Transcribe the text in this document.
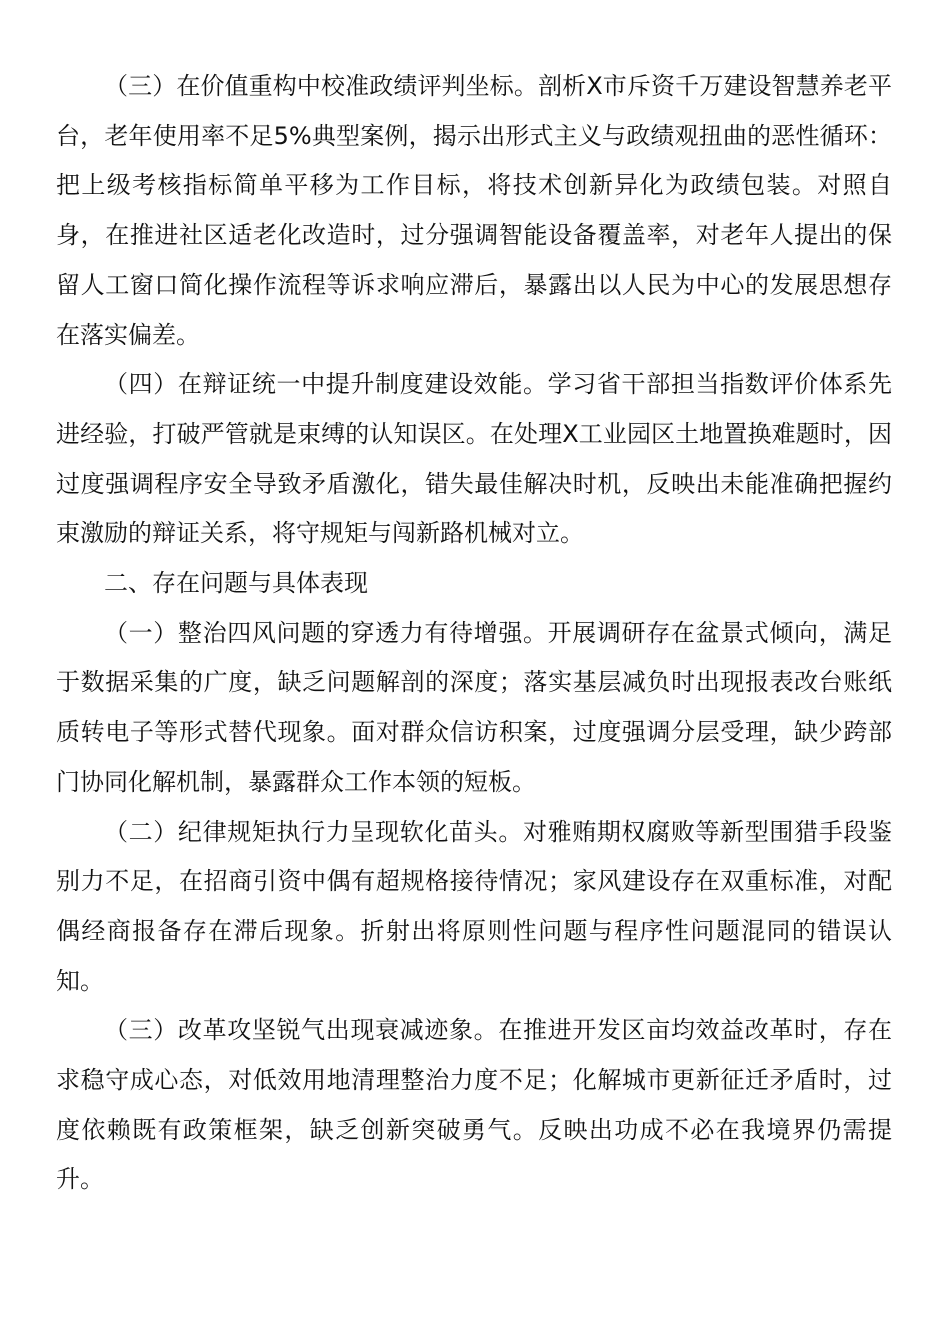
（三）在价值重构中校准政绩评判坐标。剖析X市斥资千万建设智慧养老平台，老年使用率不足5%典型案例，揭示出形式主义与政绩观扭曲的恶性循环：把上级考核指标简单平移为工作目标，将技术创新异化为政绩包装。对照自身，在推进社区适老化改造时，过分强调智能设备覆盖率，对老年人提出的保留人工窗口简化操作流程等诉求响应滞后，暴露出以人民为中心的发展思想存在落实偏差。

（四）在辩证统一中提升制度建设效能。学习省干部担当指数评价体系先进经验，打破严管就是束缚的认知误区。在处理X工业园区土地置换难题时，因过度强调程序安全导致矛盾激化，错失最佳解决时机，反映出未能准确把握约束激励的辩证关系，将守规矩与闯新路机械对立。

二、存在问题与具体表现

（一）整治四风问题的穿透力有待增强。开展调研存在盆景式倾向，满足于数据采集的广度，缺乏问题解剖的深度；落实基层减负时出现报表改台账纸质转电子等形式替代现象。面对群众信访积案，过度强调分层受理，缺少跨部门协同化解机制，暴露群众工作本领的短板。

（二）纪律规矩执行力呈现软化苗头。对雅贿期权腐败等新型围猎手段鉴别力不足，在招商引资中偶有超规格接待情况；家风建设存在双重标准，对配偶经商报备存在滞后现象。折射出将原则性问题与程序性问题混同的错误认知。

（三）改革攻坚锐气出现衰减迹象。在推进开发区亩均效益改革时，存在求稳守成心态，对低效用地清理整治力度不足；化解城市更新征迁矛盾时，过度依赖既有政策框架，缺乏创新突破勇气。反映出功成不必在我境界仍需提升。
